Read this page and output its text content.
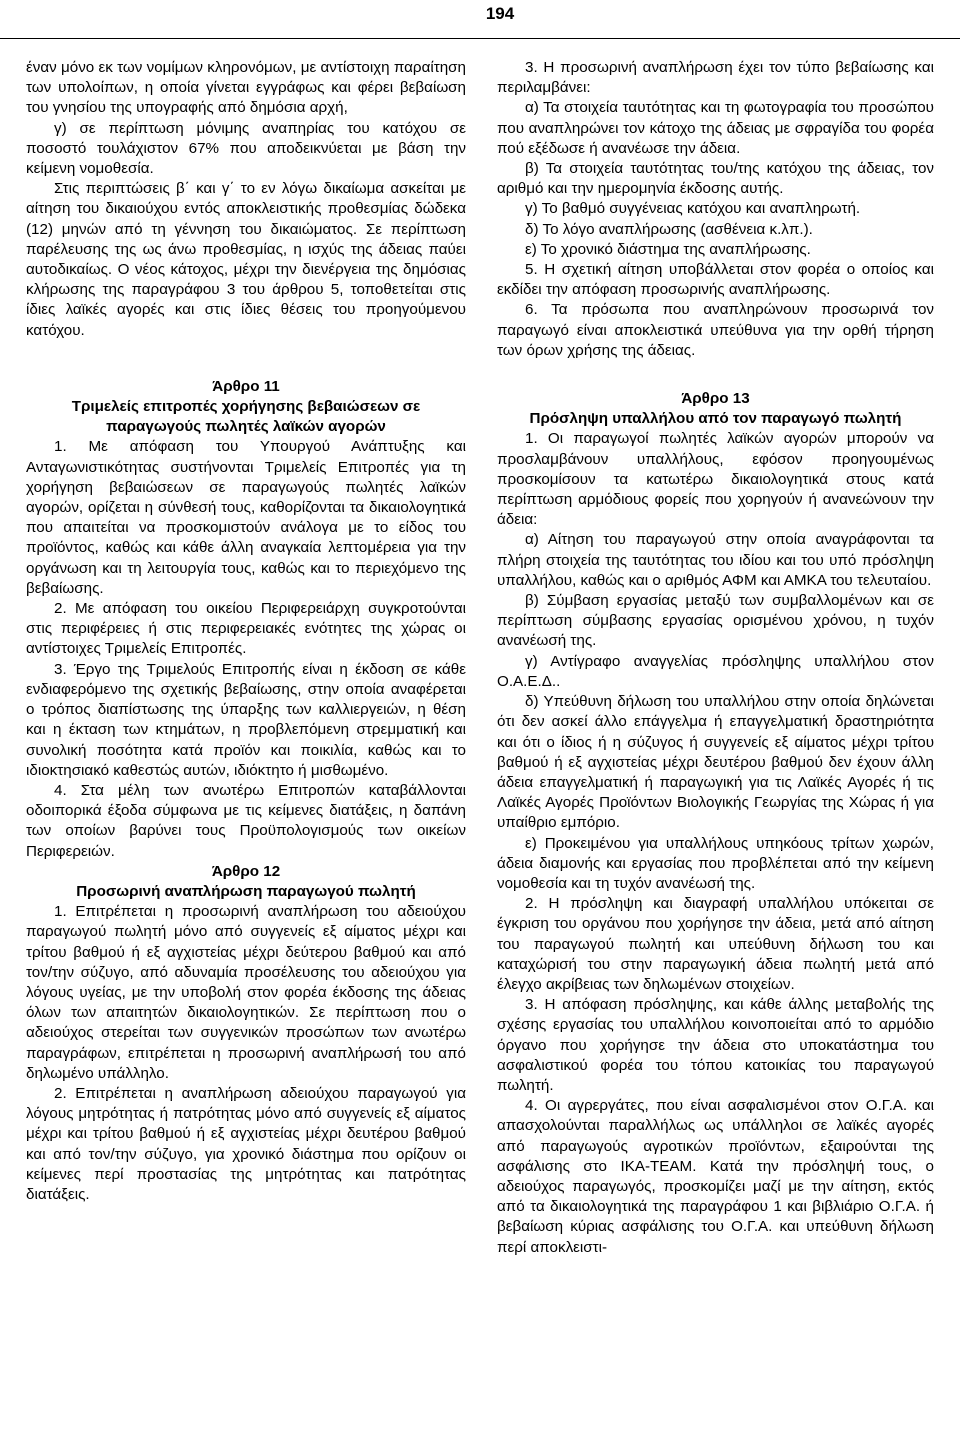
194

έναν μόνο εκ των νομίμων κληρονόμων, με αντίστοιχη παραίτηση των υπολοίπων, η οποία γίνεται εγγράφως και φέρει βεβαίωση του γνησίου της υπογραφής από δημόσια αρχή,

γ) σε περίπτωση μόνιμης αναπηρίας του κατόχου σε ποσοστό τουλάχιστον 67% που αποδεικνύεται με βάση την κείμενη νομοθεσία.

Στις περιπτώσεις β΄ και γ΄ το εν λόγω δικαίωμα ασκείται με αίτηση του δικαιούχου εντός αποκλειστικής προθεσμίας δώδεκα (12) μηνών από τη γέννηση του δικαιώματος. Σε περίπτωση παρέλευσης της ως άνω προθεσμίας, η ισχύς της άδειας παύει αυτοδικαίως. Ο νέος κάτοχος, μέχρι την διενέργεια της δημόσιας κλήρωσης της παραγράφου 3 του άρθρου 5, τοποθετείται στις ίδιες λαϊκές αγορές και στις ίδιες θέσεις του προηγούμενου κατόχου.

Άρθρο 11

Τριμελείς επιτροπές χορήγησης βεβαιώσεων σε παραγωγούς πωλητές λαϊκών αγορών

1. Με απόφαση του Υπουργού Ανάπτυξης και Ανταγωνιστικότητας συστήνονται Τριμελείς Επιτροπές για τη χορήγηση βεβαιώσεων σε παραγωγούς πωλητές λαϊκών αγορών, ορίζεται η σύνθεσή τους, καθορίζονται τα δικαιολογητικά που απαιτείται να προσκομιστούν ανάλογα με το είδος του προϊόντος, καθώς και κάθε άλλη αναγκαία λεπτομέρεια για την οργάνωση και τη λειτουργία τους, καθώς και το περιεχόμενο της βεβαίωσης.

2. Με απόφαση του οικείου Περιφερειάρχη συγκροτούνται στις περιφέρειες ή στις περιφερειακές ενότητες της χώρας οι αντίστοιχες Τριμελείς Επιτροπές.

3. Έργο της Τριμελούς Επιτροπής είναι η έκδοση σε κάθε ενδιαφερόμενο της σχετικής βεβαίωσης, στην οποία αναφέρεται ο τρόπος διαπίστωσης της ύπαρξης των καλλιεργειών, η θέση και η έκταση των κτημάτων, η προβλεπόμενη στρεμματική και συνολική ποσότητα κατά προϊόν και ποικιλία, καθώς και το ιδιοκτησιακό καθεστώς αυτών, ιδιόκτητο ή μισθωμένο.

4. Στα μέλη των ανωτέρω Επιτροπών καταβάλλονται οδοιπορικά έξοδα σύμφωνα με τις κείμενες διατάξεις, η δαπάνη των οποίων βαρύνει τους Προϋπολογισμούς των οικείων Περιφερειών.

Άρθρο 12

Προσωρινή αναπλήρωση παραγωγού πωλητή

1. Επιτρέπεται η προσωρινή αναπλήρωση του αδειούχου παραγωγού πωλητή μόνο από συγγενείς εξ αίματος μέχρι και τρίτου βαθμού ή εξ αγχιστείας μέχρι δεύτερου βαθμού και από τον/την σύζυγο, από αδυναμία προσέλευσης του αδειούχου για λόγους υγείας, με την υποβολή στον φορέα έκδοσης της άδειας όλων των απαιτητών δικαιολογητικών. Σε περίπτωση που ο αδειούχος στερείται των συγγενικών προσώπων των ανωτέρω παραγράφων, επιτρέπεται η προσωρινή αναπλήρωσή του από δηλωμένο υπάλληλο.

2. Επιτρέπεται η αναπλήρωση αδειούχου παραγωγού για λόγους μητρότητας ή πατρότητας μόνο από συγγενείς εξ αίματος μέχρι και τρίτου βαθμού ή εξ αγχιστείας μέχρι δευτέρου βαθμού και από τον/την σύζυγο, για χρονικό διάστημα που ορίζουν οι κείμενες περί προστασίας της μητρότητας και πατρότητας διατάξεις.

3. Η προσωρινή αναπλήρωση έχει τον τύπο βεβαίωσης και περιλαμβάνει:

α) Τα στοιχεία ταυτότητας και τη φωτογραφία του προσώπου που αναπληρώνει τον κάτοχο της άδειας με σφραγίδα του φορέα πού εξέδωσε ή ανανέωσε την άδεια.

β) Τα στοιχεία ταυτότητας του/της κατόχου της άδειας, τον αριθμό και την ημερομηνία έκδοσης αυτής.

γ) Το βαθμό συγγένειας κατόχου και αναπληρωτή.

δ) Το λόγο αναπλήρωσης (ασθένεια κ.λπ.).

ε) Το χρονικό διάστημα της αναπλήρωσης.

5. Η σχετική αίτηση υποβάλλεται στον φορέα ο οποίος και εκδίδει την απόφαση προσωρινής αναπλήρωσης.

6. Τα πρόσωπα που αναπληρώνουν προσωρινά τον παραγωγό είναι αποκλειστικά υπεύθυνα για την ορθή τήρηση των όρων χρήσης της άδειας.

Άρθρο 13

Πρόσληψη υπαλλήλου από τον παραγωγό πωλητή

1. Οι παραγωγοί πωλητές λαϊκών αγορών μπορούν να προσλαμβάνουν υπαλλήλους, εφόσον προηγουμένως προσκομίσουν τα κατωτέρω δικαιολογητικά στους κατά περίπτωση αρμόδιους φορείς που χορηγούν ή ανανεώνουν την άδεια:

α) Αίτηση του παραγωγού στην οποία αναγράφονται τα πλήρη στοιχεία της ταυτότητας του ιδίου και του υπό πρόσληψη υπαλλήλου, καθώς και ο αριθμός ΑΦΜ και ΑΜΚΑ του τελευταίου.

β) Σύμβαση εργασίας μεταξύ των συμβαλλομένων και σε περίπτωση σύμβασης εργασίας ορισμένου χρόνου, η τυχόν ανανέωσή της.

γ) Αντίγραφο αναγγελίας πρόσληψης υπαλλήλου στον Ο.Α.Ε.Δ..

δ) Υπεύθυνη δήλωση του υπαλλήλου στην οποία δηλώνεται ότι δεν ασκεί άλλο επάγγελμα ή επαγγελματική δραστηριότητα και ότι ο ίδιος ή η σύζυγος ή συγγενείς εξ αίματος μέχρι τρίτου βαθμού ή εξ αγχιστείας μέχρι δευτέρου βαθμού δεν έχουν άλλη άδεια επαγγελματική ή παραγωγική για τις Λαϊκές Αγορές ή τις Λαϊκές Αγορές Προϊόντων Βιολογικής Γεωργίας της Χώρας ή για υπαίθριο εμπόριο.

ε) Προκειμένου για υπαλλήλους υπηκόους τρίτων χωρών, άδεια διαμονής και εργασίας που προβλέπεται από την κείμενη νομοθεσία και τη τυχόν ανανέωσή της.

2. Η πρόσληψη και διαγραφή υπαλλήλου υπόκειται σε έγκριση του οργάνου που χορήγησε την άδεια, μετά από αίτηση του παραγωγού πωλητή και υπεύθυνη δήλωση του και καταχώρισή του στην παραγωγική άδεια πωλητή μετά από έλεγχο ακρίβειας των δηλωμένων στοιχείων.

3. Η απόφαση πρόσληψης, και κάθε άλλης μεταβολής της σχέσης εργασίας του υπαλλήλου κοινοποιείται από το αρμόδιο όργανο που χορήγησε την άδεια στο υποκατάστημα του ασφαλιστικού φορέα του τόπου κατοικίας του παραγωγού πωλητή.

4. Οι αγρεργάτες, που είναι ασφαλισμένοι στον Ο.Γ.Α. και απασχολούνται παραλλήλως ως υπάλληλοι σε λαϊκές αγορές από παραγωγούς αγροτικών προϊόντων, εξαιρούνται της ασφάλισης στο ΙΚΑ-ΤΕΑΜ. Κατά την πρόσληψή τους, ο αδειούχος παραγωγός, προσκομίζει μαζί με την αίτηση, εκτός από τα δικαιολογητικά της παραγράφου 1 και βιβλιάριο Ο.Γ.Α. ή βεβαίωση κύριας ασφάλισης του Ο.Γ.Α. και υπεύθυνη δήλωση περί αποκλειστι-
